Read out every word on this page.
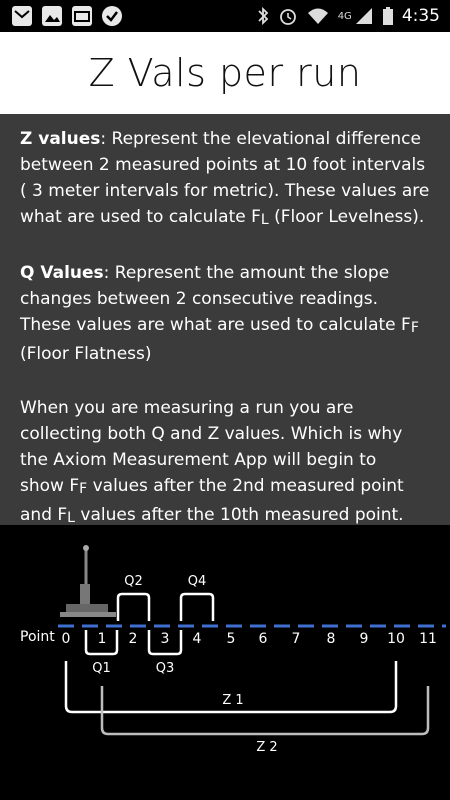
4G	4:35
Z Vals per run
Z values: Represent the elevational difference
between 2 measured points at 10 foot intervals
( 3 meter intervals for metric). These values are
what are used to calculate $F_L$ (Floor Levelness).
Q Values: Represent the amount the slope
changes between 2 consecutive readings.
These values are what are used to calculate $F_F$
(Floor Flatness)
When you are measuring a run you are
collecting both Q and Z values. Which is why
the Axiom Measurement App will begin to
show $F_F$ values after the 2nd measured point
and $F_L$ values after the 10th measured point.
Point 0 1 2 3 4 5 6 7 8 9 10 11
Q1
Q2
Q3
Q4
Z 1
Z 2
